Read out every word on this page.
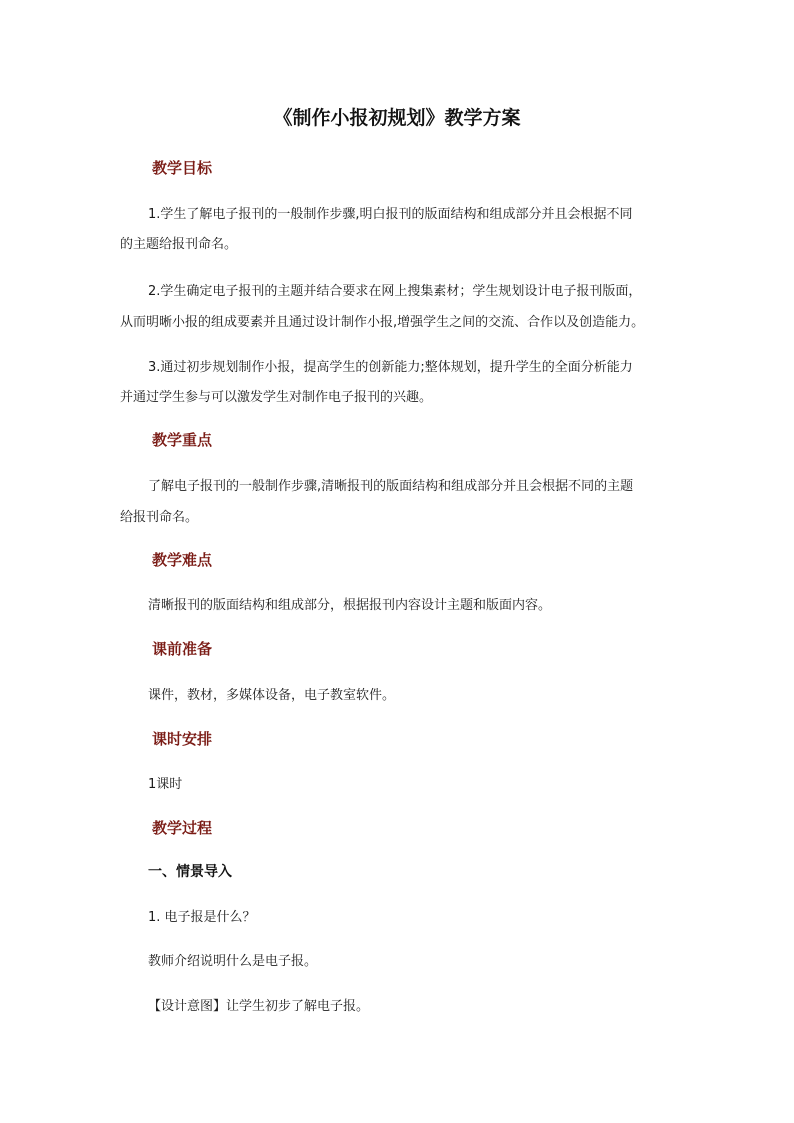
《制作小报初规划》教学方案
教学目标
1.学生了解电子报刊的一般制作步骤,明白报刊的版面结构和组成部分并且会根据不同
的主题给报刊命名。
2.学生确定电子报刊的主题并结合要求在网上搜集素材；学生规划设计电子报刊版面，
从而明晰小报的组成要素并且通过设计制作小报,增强学生之间的交流、合作以及创造能力。
3.通过初步规划制作小报，提高学生的创新能力;整体规划，提升学生的全面分析能力
并通过学生参与可以激发学生对制作电子报刊的兴趣。
教学重点
了解电子报刊的一般制作步骤,清晰报刊的版面结构和组成部分并且会根据不同的主题
给报刊命名。
教学难点
清晰报刊的版面结构和组成部分，根据报刊内容设计主题和版面内容。
课前准备
课件，教材，多媒体设备，电子教室软件。
课时安排
1课时
教学过程
一、情景导入
1. 电子报是什么？
教师介绍说明什么是电子报。
【设计意图】让学生初步了解电子报。
